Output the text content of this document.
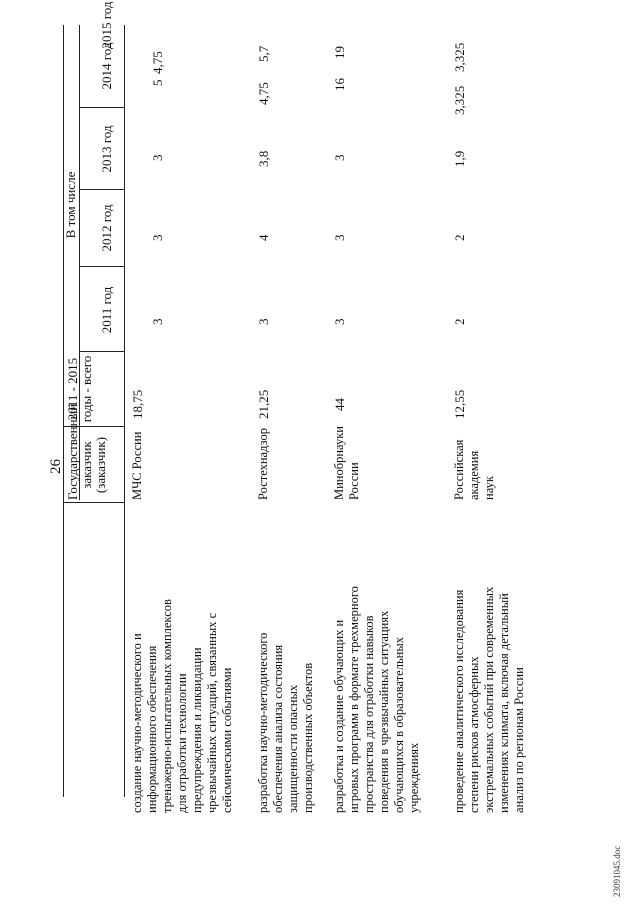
26 Государственный заказчик (заказчик)
2011 - 2015 годы - всего
В том числе
2011 год
2012 год
2013 год
2014 год
2015 год
создание научно-методического и информационного обеспечения тренажерно-испытательных комплексов для отработки технологии предупреждения и ликвидации чрезвычайных ситуаций, связанных с сейсмическими событиями
МЧС России
18,75
3
3
3
5
4,75
разработка научно-методического обеспечения анализа состояния защищенности опасных производственных объектов
Ростехнадзор
21,25
3
4
3,8
4,75
5,7
разработка и создание обучающих и игровых программ в формате трехмерного пространства для отработки навыков поведения в чрезвычайных ситуациях обучающихся в образовательных учреждениях
Минобрнауки России
44
3
3
3
16
19
проведение аналитического исследования степени рисков атмосферных экстремальных событий при современных изменениях климата, включая детальный анализ по регионам России
Российская академия наук
12,55
2
2
1,9
3,325
3,325
23091045.doc
